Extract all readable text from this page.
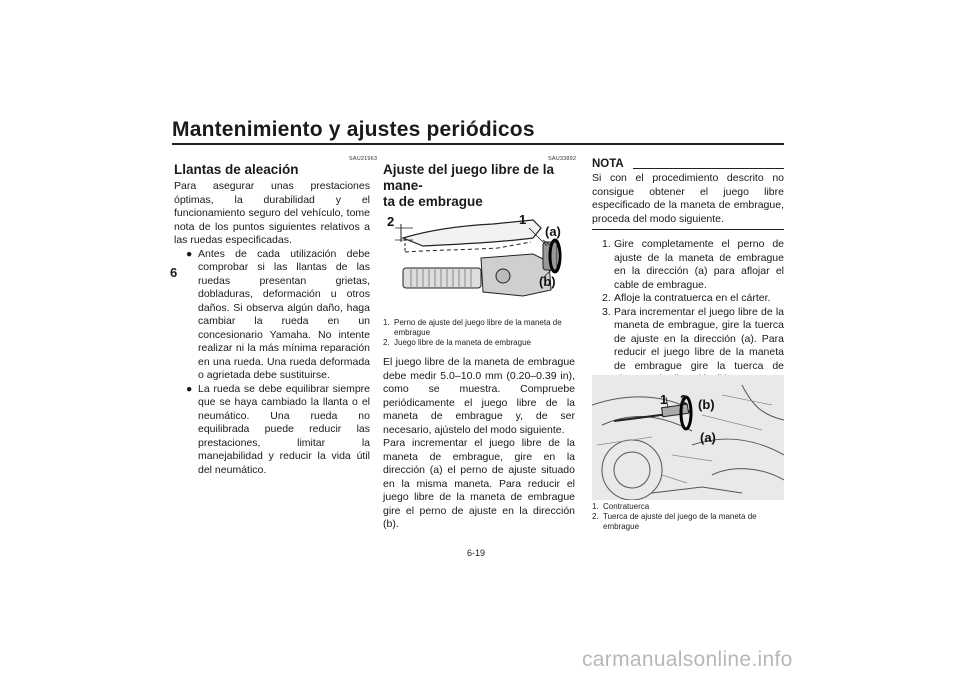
Mantenimiento y ajustes periódicos
6
SAU21963
Llantas de aleación

Para asegurar unas prestaciones óptimas, la durabilidad y el funcionamiento seguro del vehículo, tome nota de los puntos siguientes relativos a las ruedas especificadas.

● Antes de cada utilización debe comprobar si las llantas de las ruedas presentan grietas, dobladuras, deformación u otros daños. Si observa algún daño, haga cambiar la rueda en un concesionario Yamaha. No intente realizar ni la más mínima reparación en una rueda. Una rueda deformada o agrietada debe sustituirse.
● La rueda se debe equilibrar siempre que se haya cambiado la llanta o el neumático. Una rueda no equilibrada puede reducir las prestaciones, limitar la manejabilidad y reducir la vida útil del neumático.
SAU33892
Ajuste del juego libre de la mane-
ta de embrague
2	1
(a)
(b)
1. Perno de ajuste del juego libre de la maneta de embrague
2. Juego libre de la maneta de embrague

El juego libre de la maneta de embrague debe medir 5.0–10.0 mm (0.20–0.39 in), como se muestra. Compruebe periódicamente el juego libre de la maneta de embrague y, de ser necesario, ajústelo del modo siguiente.

Para incrementar el juego libre de la maneta de embrague, gire en la dirección (a) el perno de ajuste situado en la misma maneta. Para reducir el juego libre de la maneta de embrague gire el perno de ajuste en la dirección (b).

NOTA

Si con el procedimiento descrito no consigue obtener el juego libre especificado de la maneta de embrague, proceda del modo siguiente.

1. Gire completamente el perno de ajuste de la maneta de embrague en la dirección (a) para aflojar el cable de embrague.
2. Afloje la contratuerca en el cárter.
3. Para incrementar el juego libre de la maneta de embrague, gire la tuerca de ajuste en la dirección (a). Para reducir el juego libre de la maneta de embrague gire la tuerca de
1 2 (b)
(a)
1. Contratuerca
2. Tuerca de ajuste del juego de la maneta de embrague
6-19
carmanualsonline.info
